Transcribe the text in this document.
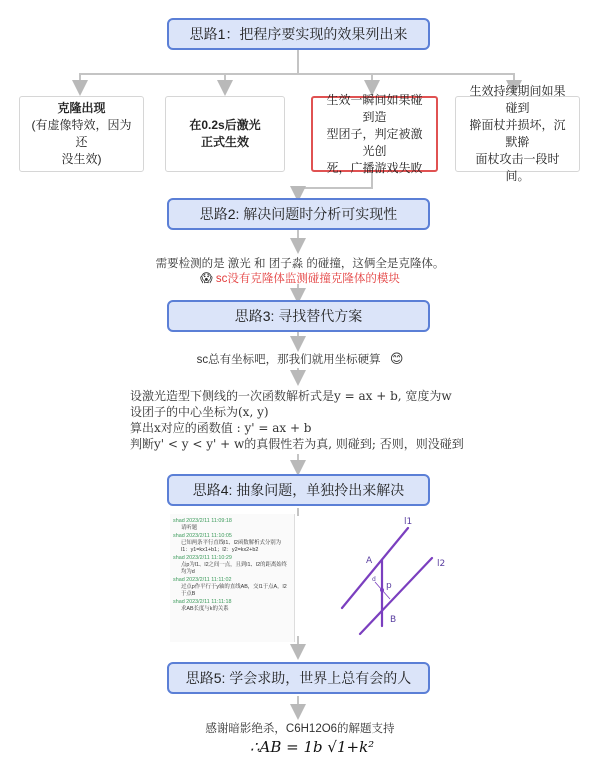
思路1：把程序要实现的效果列出来
克隆出现
(有虚像特效，因为还
没生效)
在0.2s后激光
正式生效
生效一瞬间如果碰到造
型团子，判定被激光创
死，广播游戏失败
生效持续期间如果碰到
擀面杖并损坏，沉默擀
面杖攻击一段时间。
思路2: 解决问题时分析可实现性
需要检测的是 激光 和 团子淼 的碰撞，这俩全是克隆体。
😱 sc没有克隆体监测碰撞克隆体的模块
思路3: 寻找替代方案
sc总有坐标吧，那我们就用坐标硬算 😊
设激光造型下侧线的一次函数解析式是y = ax + b, 宽度为w
设团子的中心坐标为(x, y)
算出x对应的函数值 : y' = ax + b
判断y' < y < y' + w的真假性若为真, 则碰到; 否则，则没碰到
思路4: 抽象问题，单独拎出来解决
shad 2023/2/11 11:09:18
请听题
shad 2023/2/11 11:10:05
已知两条平行直线l1、l2函数解析式分别为 l1：y1=kx1+b1；l2：y2=kx2+b2
shad 2023/2/11 11:10:29
点p为l1、l2之间一点，且到l1、l2的距离始终均为d
shad 2023/2/11 11:11:02
过点p作平行于y轴的直线AB，交l1于点A，l2于点B
shad 2023/2/11 11:11:18
求AB长度与k的关系
l1
l2
A
B
p
d
思路5: 学会求助，世界上总有会的人
感谢暗影绝杀，C6H12O6的解题支持
∴AB = 1b √1+k²
